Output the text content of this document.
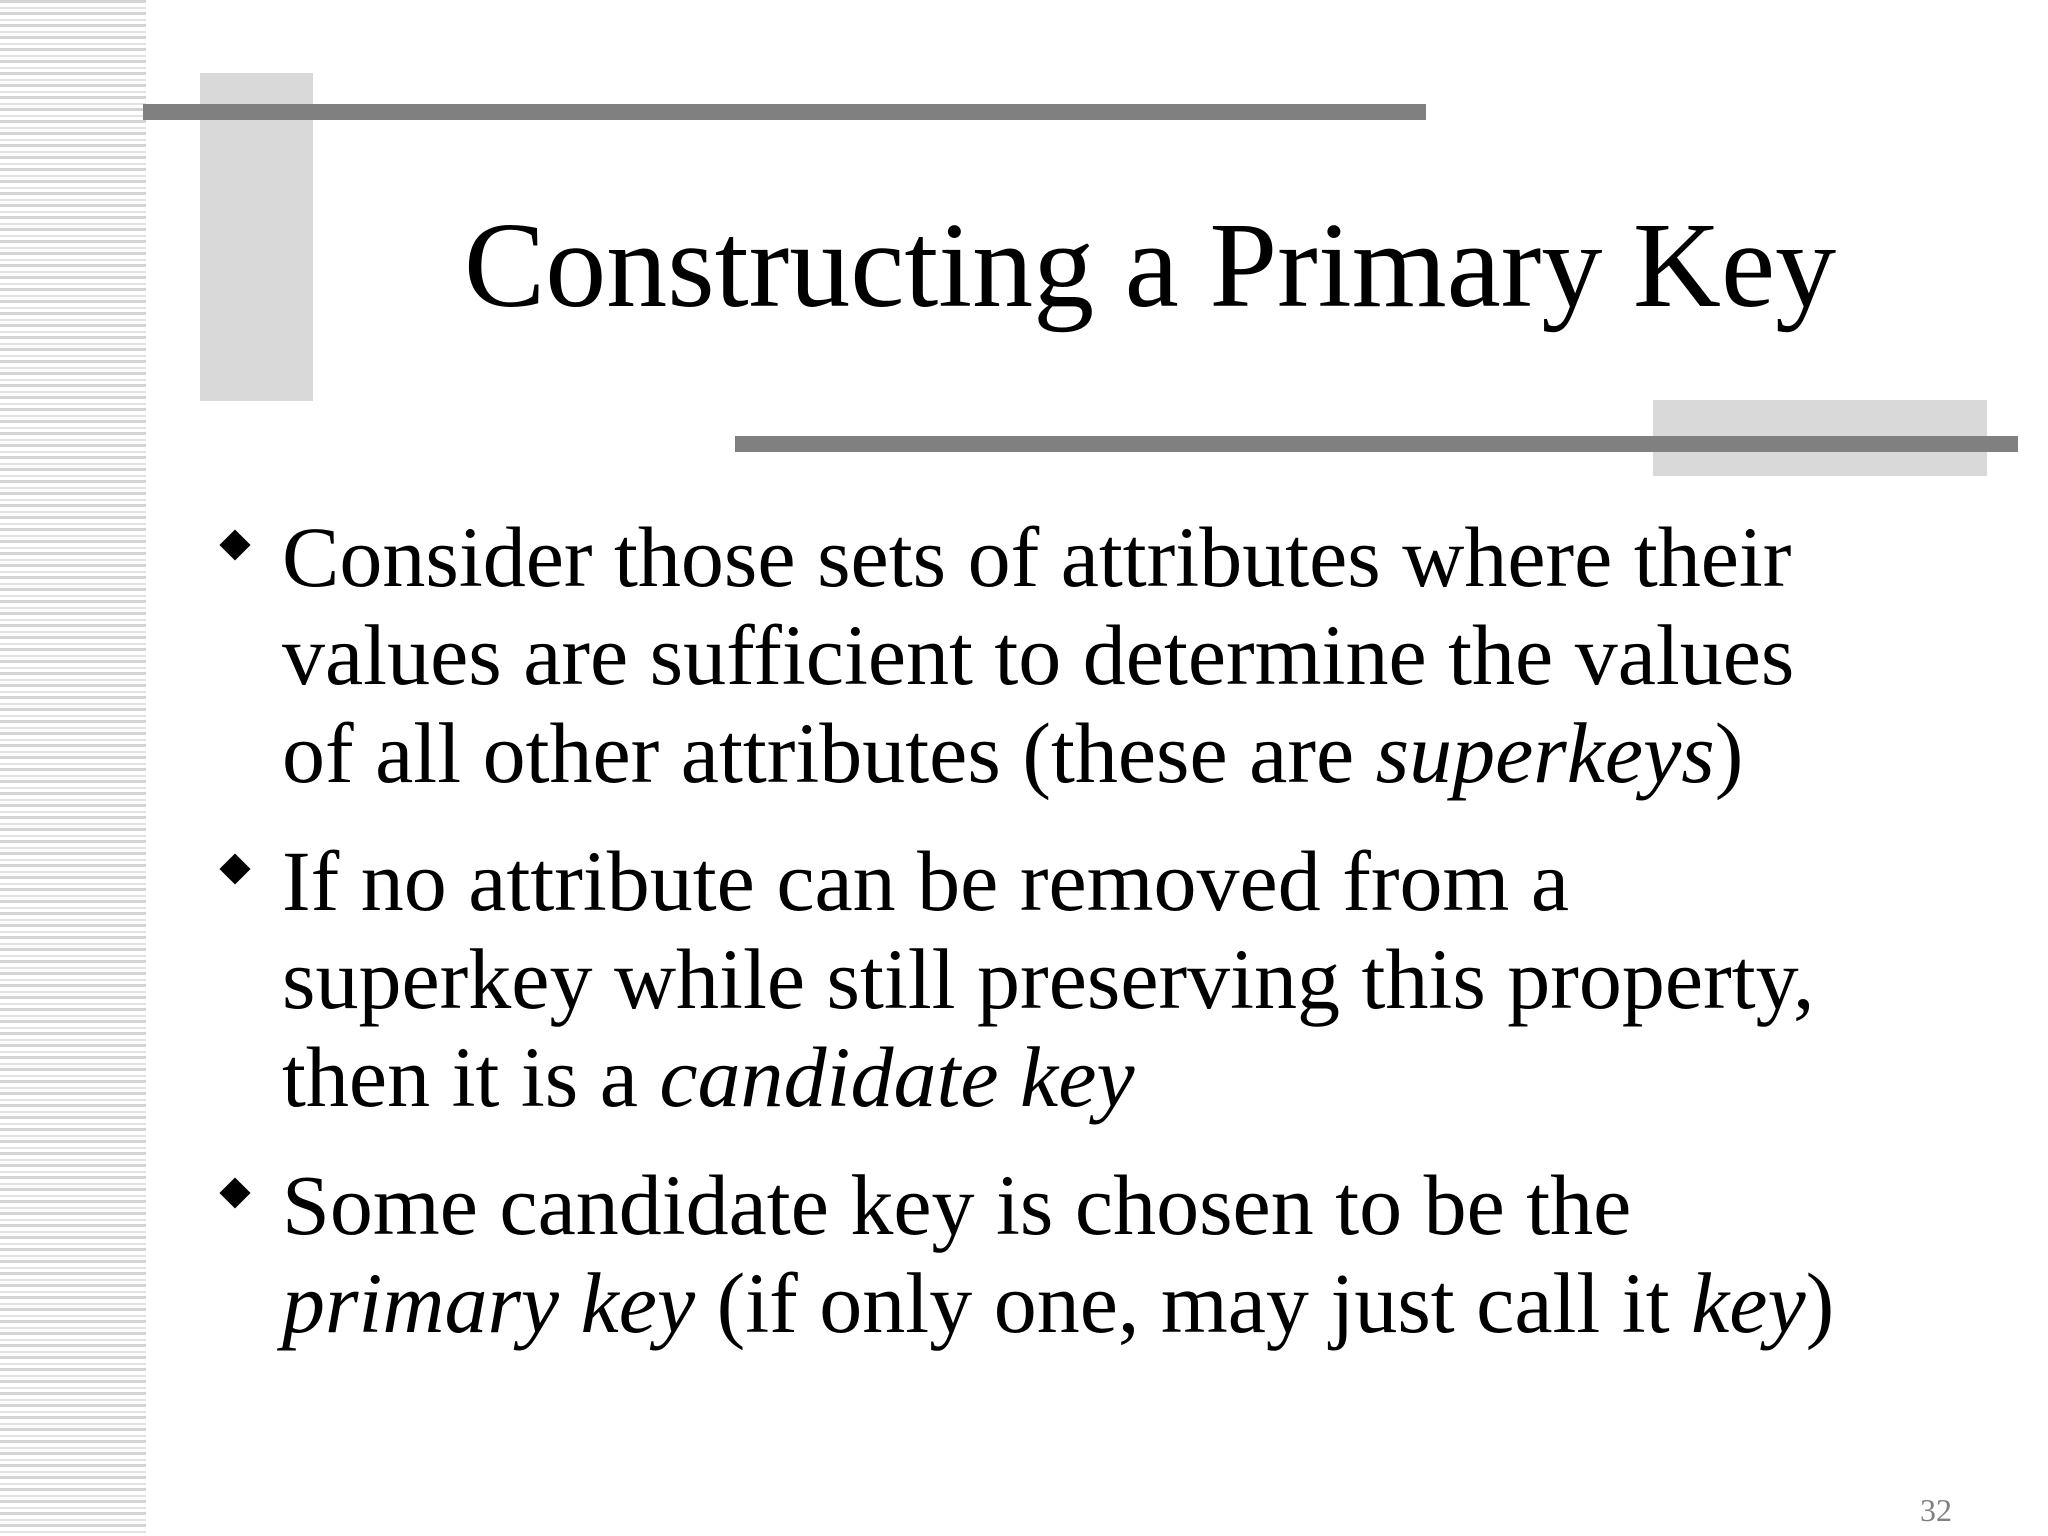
Constructing a Primary Key
Consider those sets of attributes where their
values are sufficient to determine the values
of all other attributes (these are superkeys)
If no attribute can be removed from a
superkey while still preserving this property,
then it is a candidate key
Some candidate key is chosen to be the
primary key (if only one, may just call it key)
32
